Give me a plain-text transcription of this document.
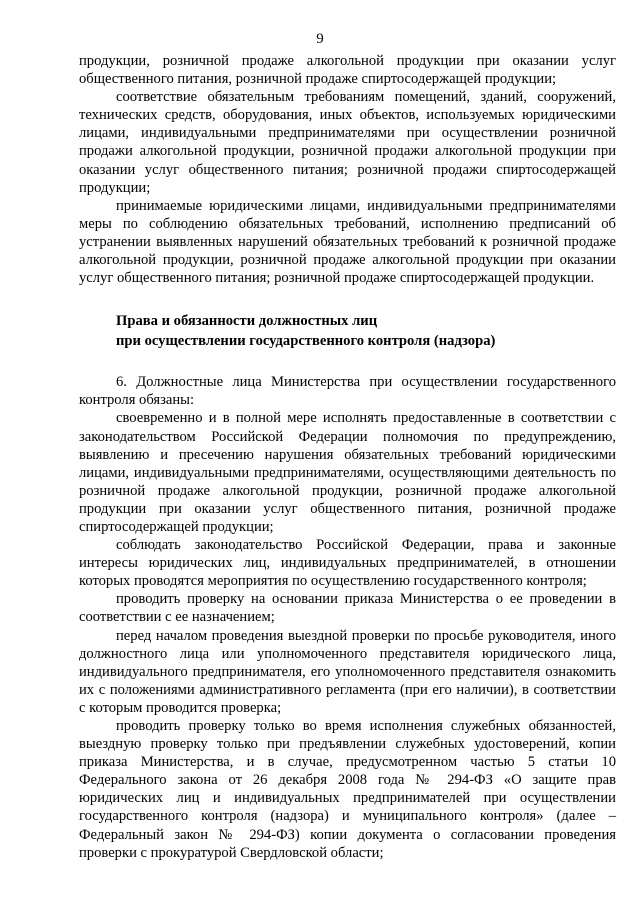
9

продукции, розничной продаже алкогольной продукции при оказании услуг общественного питания, розничной продаже спиртосодержащей продукции;

соответствие обязательным требованиям помещений, зданий, сооружений, технических средств, оборудования, иных объектов, используемых юридическими лицами, индивидуальными предпринимателями при осуществлении розничной продажи алкогольной продукции, розничной продажи алкогольной продукции при оказании услуг общественного питания; розничной продажи спиртосодержащей продукции;

принимаемые юридическими лицами, индивидуальными предпринимателями меры по соблюдению обязательных требований, исполнению предписаний об устранении выявленных нарушений обязательных требований к розничной продаже алкогольной продукции, розничной продаже алкогольной продукции при оказании услуг общественного питания; розничной продаже спиртосодержащей продукции.

Права и обязанности должностных лиц

при осуществлении государственного контроля (надзора)

6. Должностные лица Министерства при осуществлении государственного контроля обязаны:

своевременно и в полной мере исполнять предоставленные в соответствии с законодательством Российской Федерации полномочия по предупреждению, выявлению и пресечению нарушения обязательных требований юридическими лицами, индивидуальными предпринимателями, осуществляющими деятельность по розничной продаже алкогольной продукции, розничной продаже алкогольной продукции при оказании услуг общественного питания, розничной продаже спиртосодержащей продукции;

соблюдать законодательство Российской Федерации, права и законные интересы юридических лиц, индивидуальных предпринимателей, в отношении которых проводятся мероприятия по осуществлению государственного контроля;

проводить проверку на основании приказа Министерства о ее проведении в соответствии с ее назначением;

перед началом проведения выездной проверки по просьбе руководителя, иного должностного лица или уполномоченного представителя юридического лица, индивидуального предпринимателя, его уполномоченного представителя ознакомить их с положениями административного регламента (при его наличии), в соответствии с которым проводится проверка;

проводить проверку только во время исполнения служебных обязанностей, выездную проверку только при предъявлении служебных удостоверений, копии приказа Министерства, и в случае, предусмотренном частью 5 статьи 10 Федерального закона от 26 декабря 2008 года № 294-ФЗ «О защите прав юридических лиц и индивидуальных предпринимателей при осуществлении государственного контроля (надзора) и муниципального контроля» (далее – Федеральный закон № 294-ФЗ) копии документа о согласовании проведения проверки с прокуратурой Свердловской области;
